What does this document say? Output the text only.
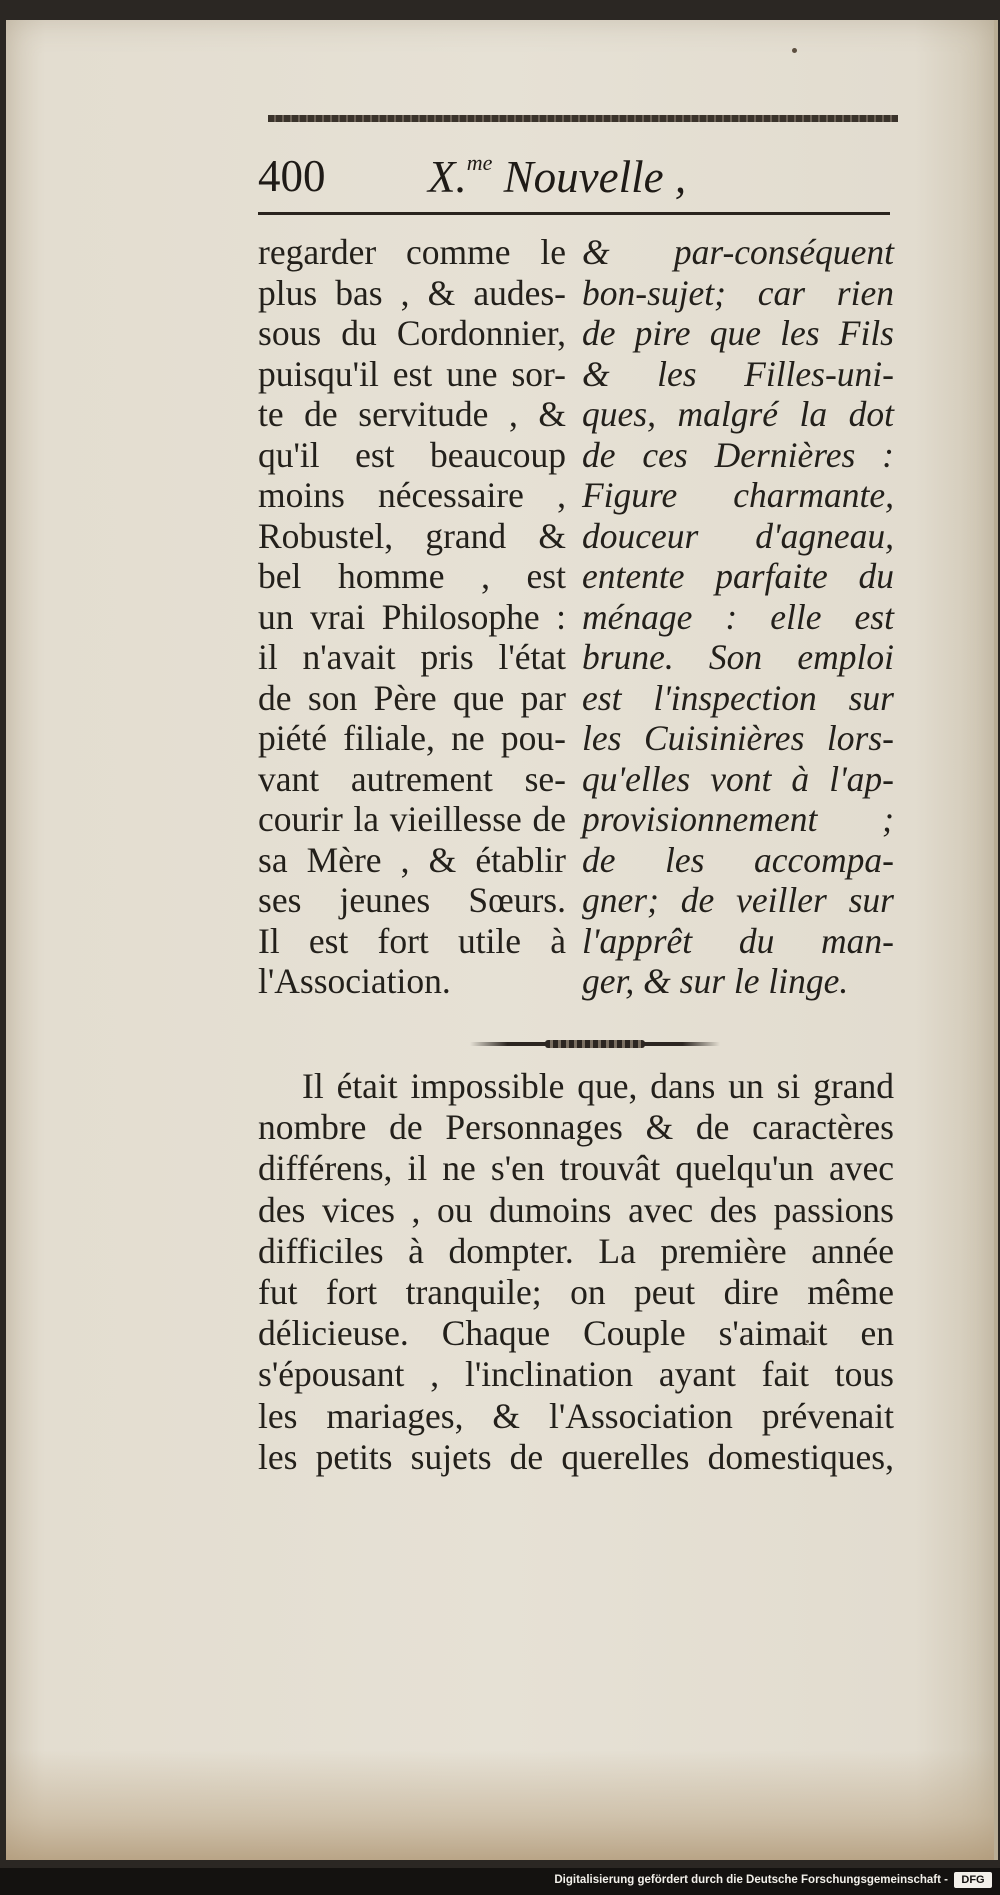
400 X.$^{me}$ Nouvelle ,
regarder comme le
plus bas , & audes-
sous du Cordonnier,
puisqu'il est une sor-
te de servitude , &
qu'il est beaucoup
moins nécessaire ,
Robustel, grand &
bel homme , est
un vrai Philosophe :
il n'avait pris l'état
de son Père que par
piété filiale, ne pou-
vant autrement se-
courir la vieillesse de
sa Mère , & établir
ses jeunes Sœurs.
Il est fort utile à
l'Association.
& par-conséquent
bon-sujet; car rien
de pire que les Fils
& les Filles-uni-
ques, malgré la dot
de ces Dernières :
Figure charmante,
douceur d'agneau,
entente parfaite du
ménage : elle est
brune. Son emploi
est l'inspection sur
les Cuisinières lors-
qu'elles vont à l'ap-
provisionnement ;
de les accompa-
gner; de veiller sur
l'apprêt du man-
ger, & sur le linge.
Il était impossible que, dans un si grand
nombre de Personnages & de caractères
différens, il ne s'en trouvât quelqu'un avec
des vices , ou dumoins avec des passions
difficiles à dompter. La première année
fut fort tranquile; on peut dire même
délicieuse. Chaque Couple s'aimait en
s'épousant , l'inclination ayant fait tous
les mariages, & l'Association prévenait
les petits sujets de querelles domestiques,
Digitalisierung gefördert durch die Deutsche Forschungsgemeinschaft -	DFG
